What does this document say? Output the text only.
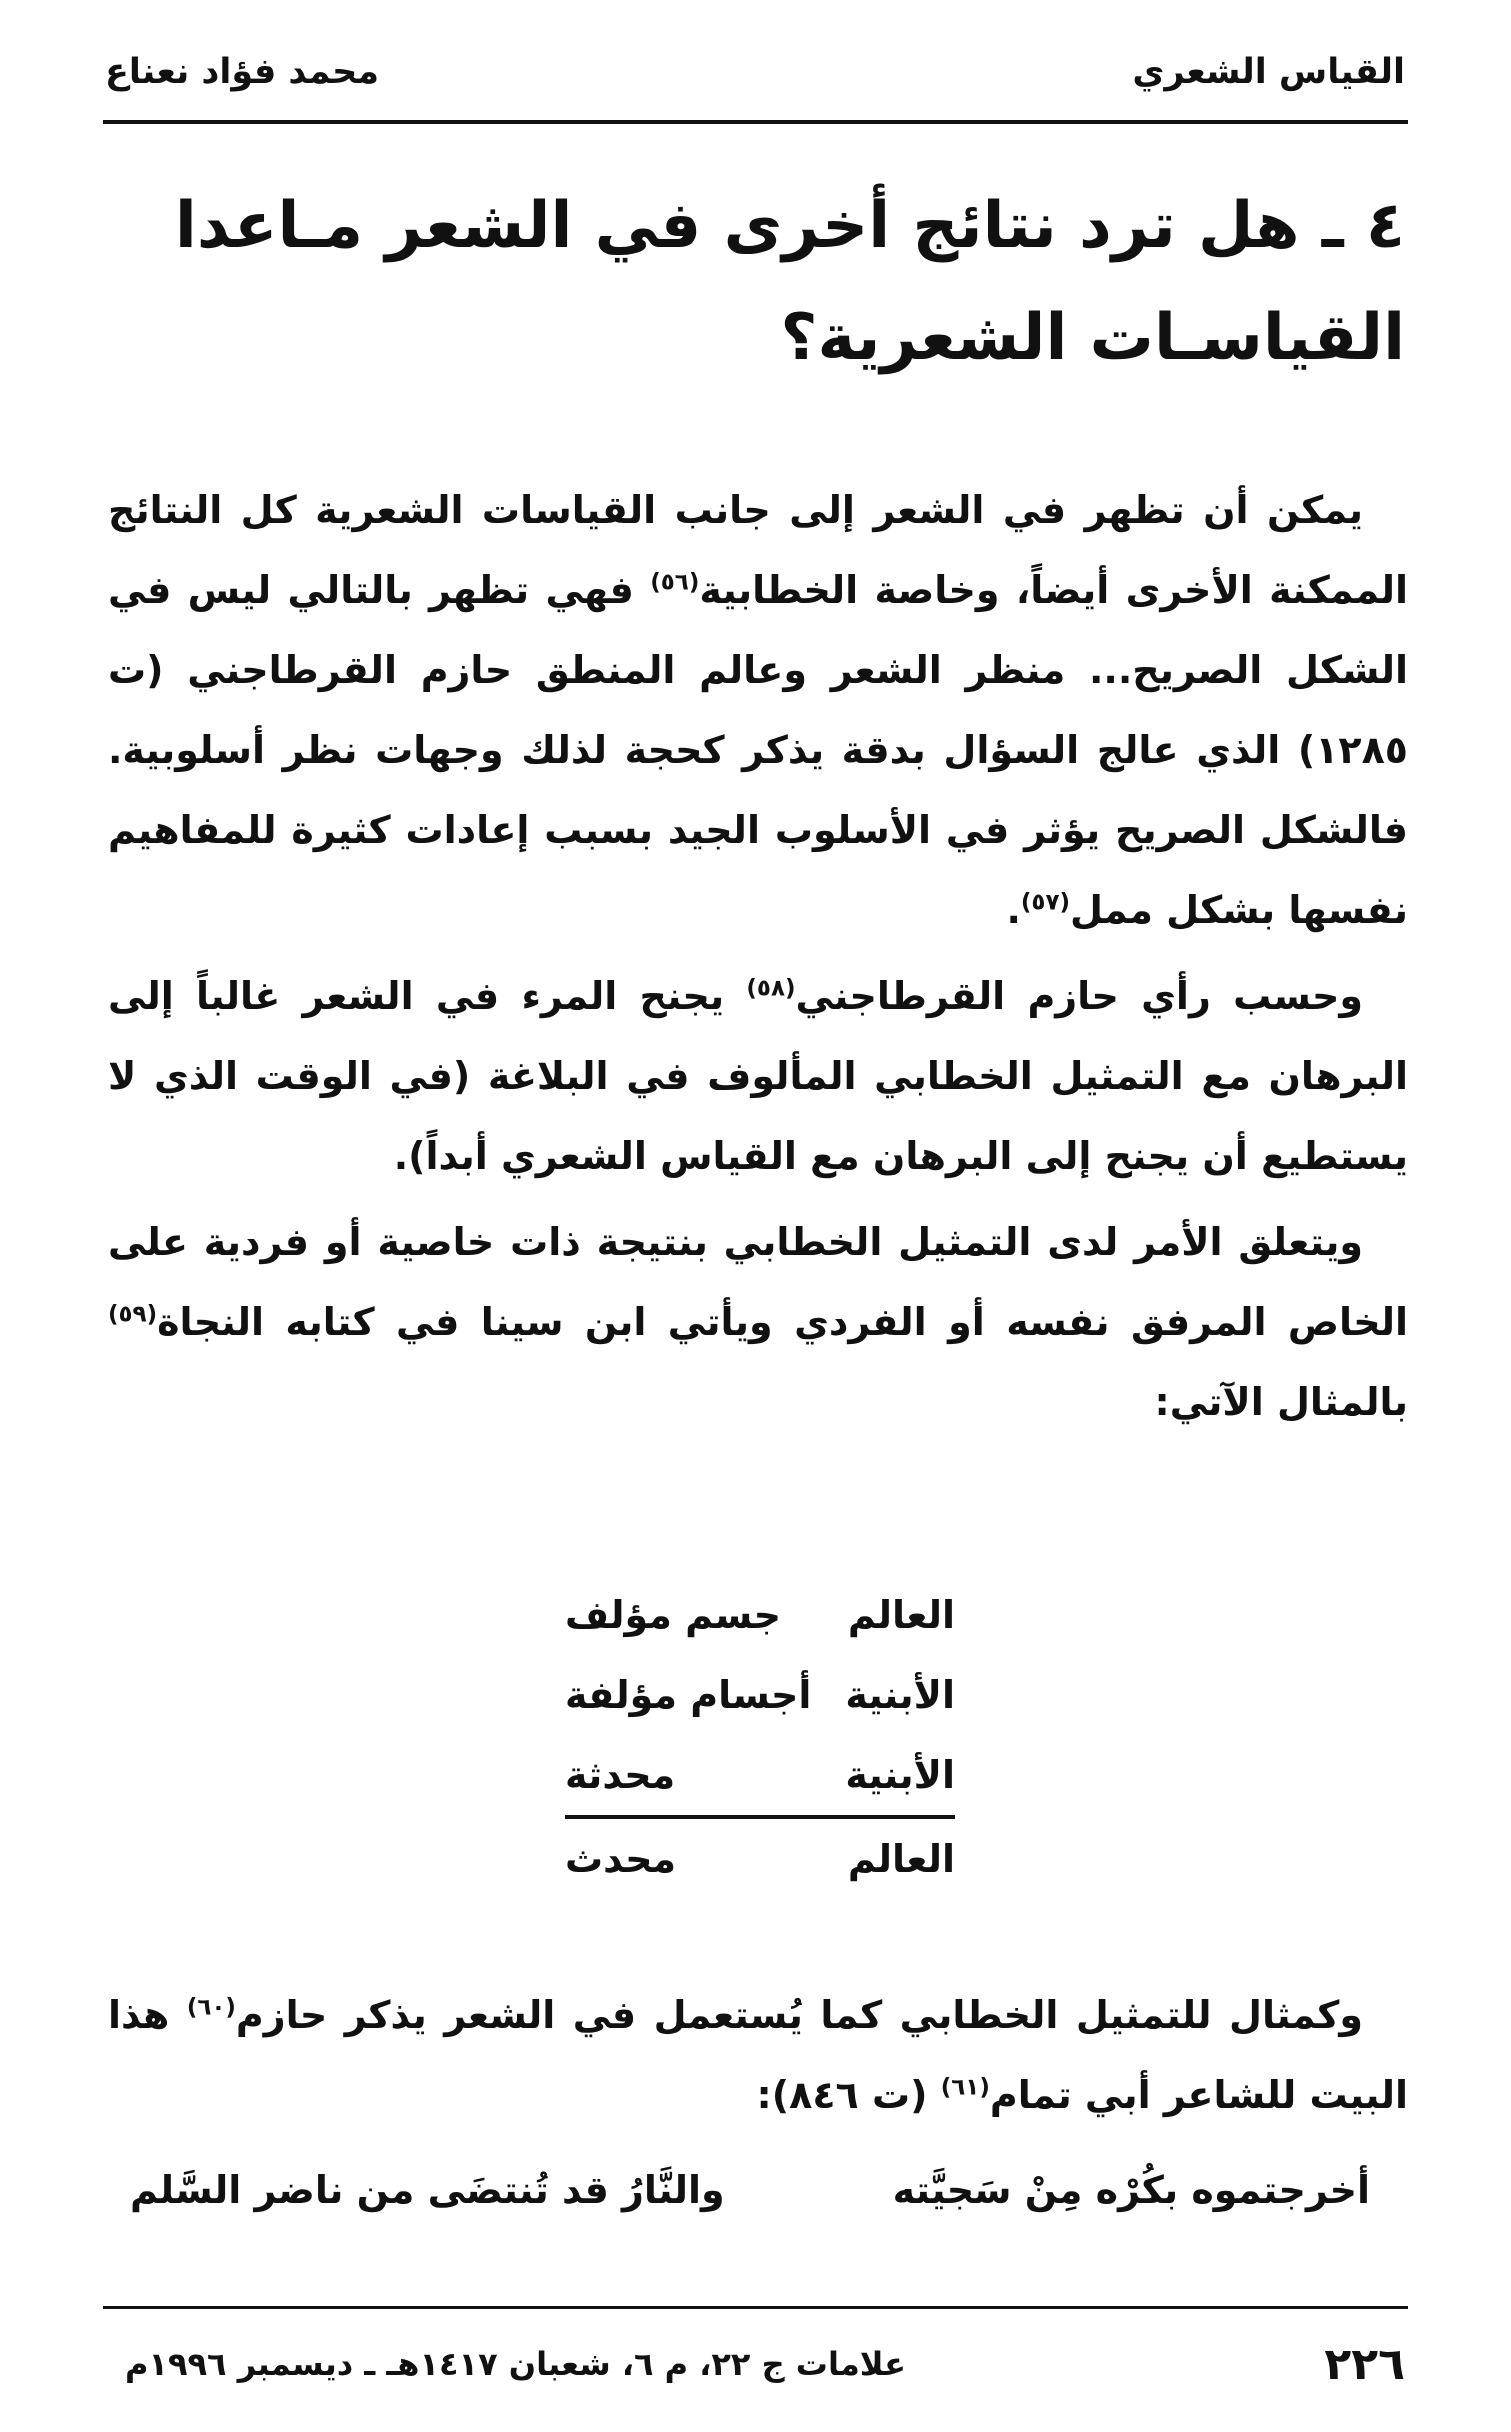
القياس الشعري
محمد فؤاد نعناع
٤ ـ هل ترد نتائج أخرى في الشعر مـاعدا القياسـات الشعرية؟

يمكن أن تظهر في الشعر إلى جانب القياسات الشعرية كل النتائج الممكنة الأخرى أيضاً، وخاصة الخطابية$^{(٥٦)}$ فهي تظهر بالتالي ليس في الشكل الصريح... منظر الشعر وعالم المنطق حازم القرطاجني (ت ١٢٨٥) الذي عالج السؤال بدقة يذكر كحجة لذلك وجهات نظر أسلوبية. فالشكل الصريح يؤثر في الأسلوب الجيد بسبب إعادات كثيرة للمفاهيم نفسها بشكل ممل$^{(٥٧)}$.

وحسب رأي حازم القرطاجني$^{(٥٨)}$ يجنح المرء في الشعر غالباً إلى البرهان مع التمثيل الخطابي المألوف في البلاغة (في الوقت الذي لا يستطيع أن يجنح إلى البرهان مع القياس الشعري أبداً).

ويتعلق الأمر لدى التمثيل الخطابي بنتيجة ذات خاصية أو فردية على الخاص المرفق نفسه أو الفردي ويأتي ابن سينا في كتابه النجاة$^{(٥٩)}$ بالمثال الآتي:

العالم
جسم مؤلف
الأبنية
أجسام مؤلفة
الأبنية
محدثة
العالم
محدث

وكمثال للتمثيل الخطابي كما يُستعمل في الشعر يذكر حازم$^{(٦٠)}$ هذا البيت للشاعر أبي تمام$^{(٦١)}$ (ت ٨٤٦):

أخرجتموه بكُرْه مِنْ سَجيَّته
والنَّارُ قد تُنتضَى من ناضر السَّلم
٢٢٦
علامات ج ٢٢، م ٦، شعبان ١٤١٧هـ ـ ديسمبر ١٩٩٦م
